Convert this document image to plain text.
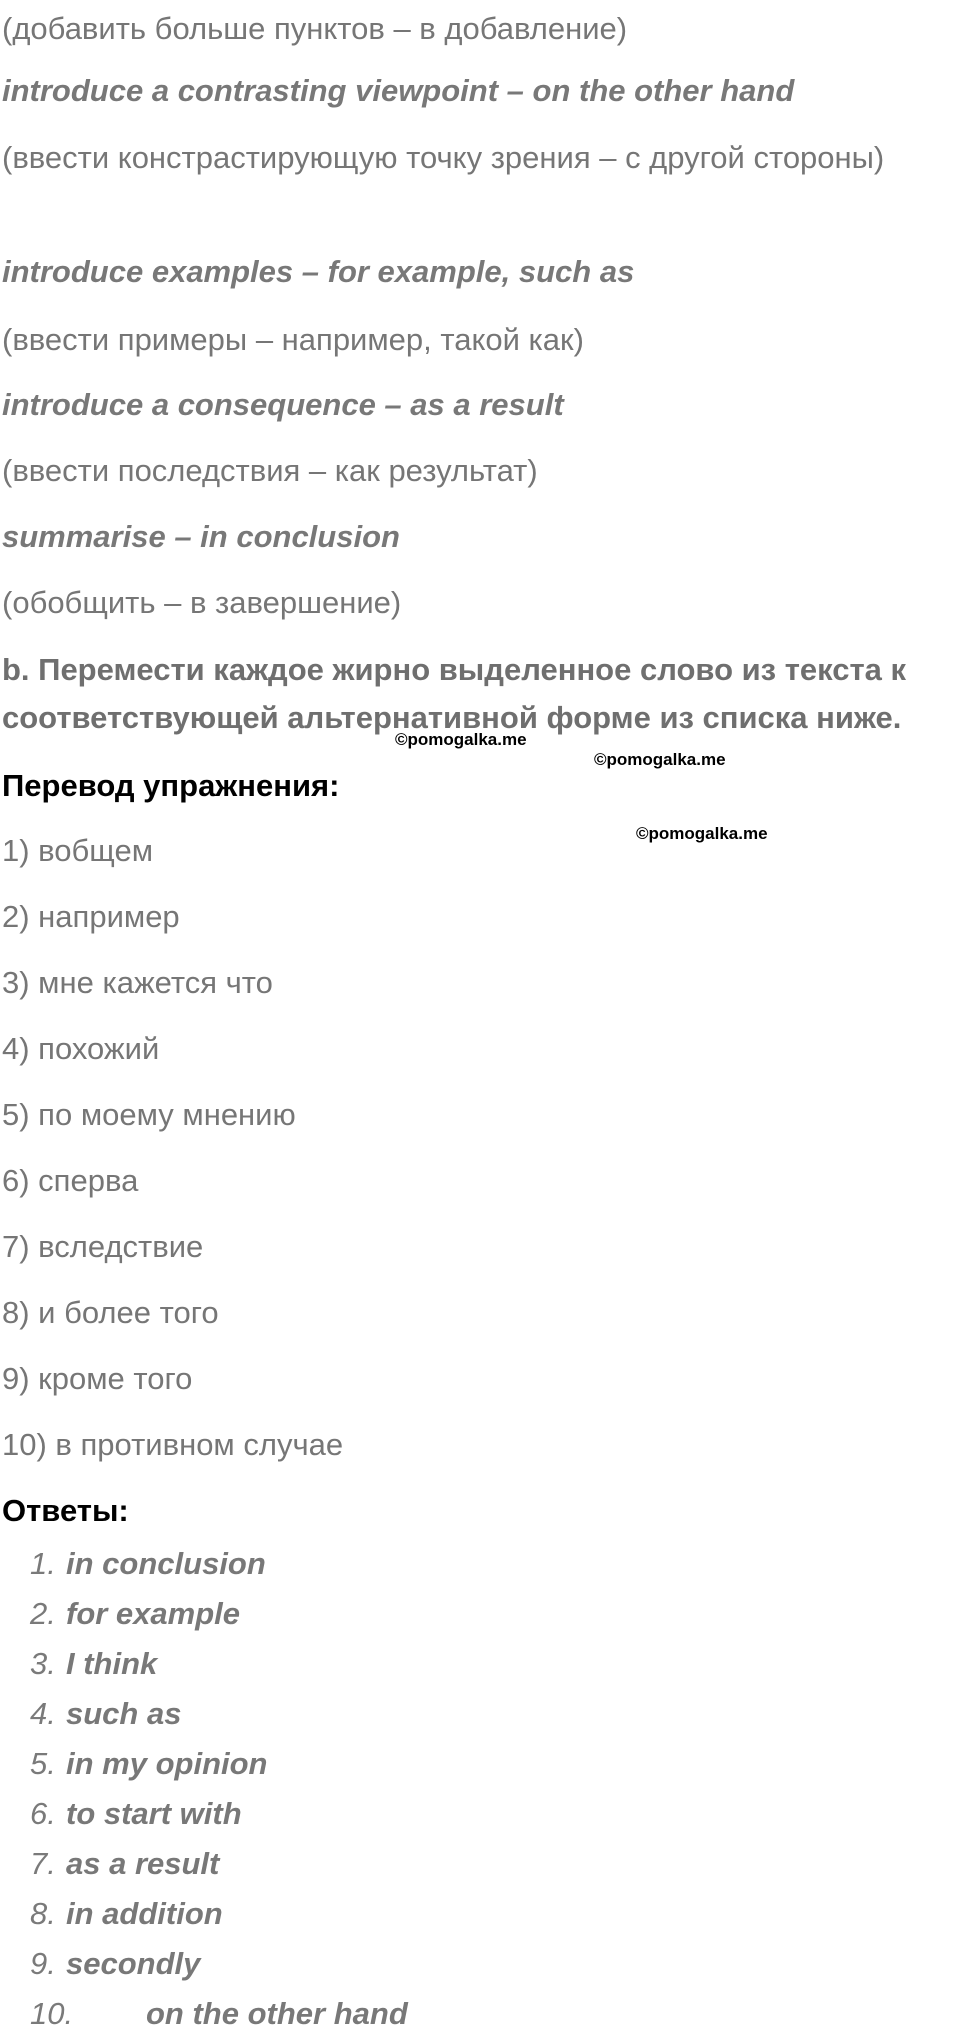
(добавить больше пунктов – в добавление)
introduce a contrasting viewpoint – on the other hand
(ввести констрастирующую точку зрения – с другой стороны)
introduce examples – for example, such as
(ввести примеры – например, такой как)
introduce a consequence – as a result
(ввести последствия – как результат)
summarise – in conclusion
(обобщить – в завершение)
b. Перемести каждое жирно выделенное слово из текста к соответствующей альтернативной форме из списка ниже.
©pomogalka.me
©pomogalka.me
©pomogalka.me
Перевод упражнения:
1) вобщем
2) например
3) мне кажется что
4) похожий
5) по моему мнению
6) сперва
7) вследствие
8) и более того
9) кроме того
10) в противном случае
Ответы:
1. in conclusion
2. for example
3. I think
4. such as
5. in my opinion
6. to start with
7. as a result
8. in addition
9. secondly
10. on the other hand
